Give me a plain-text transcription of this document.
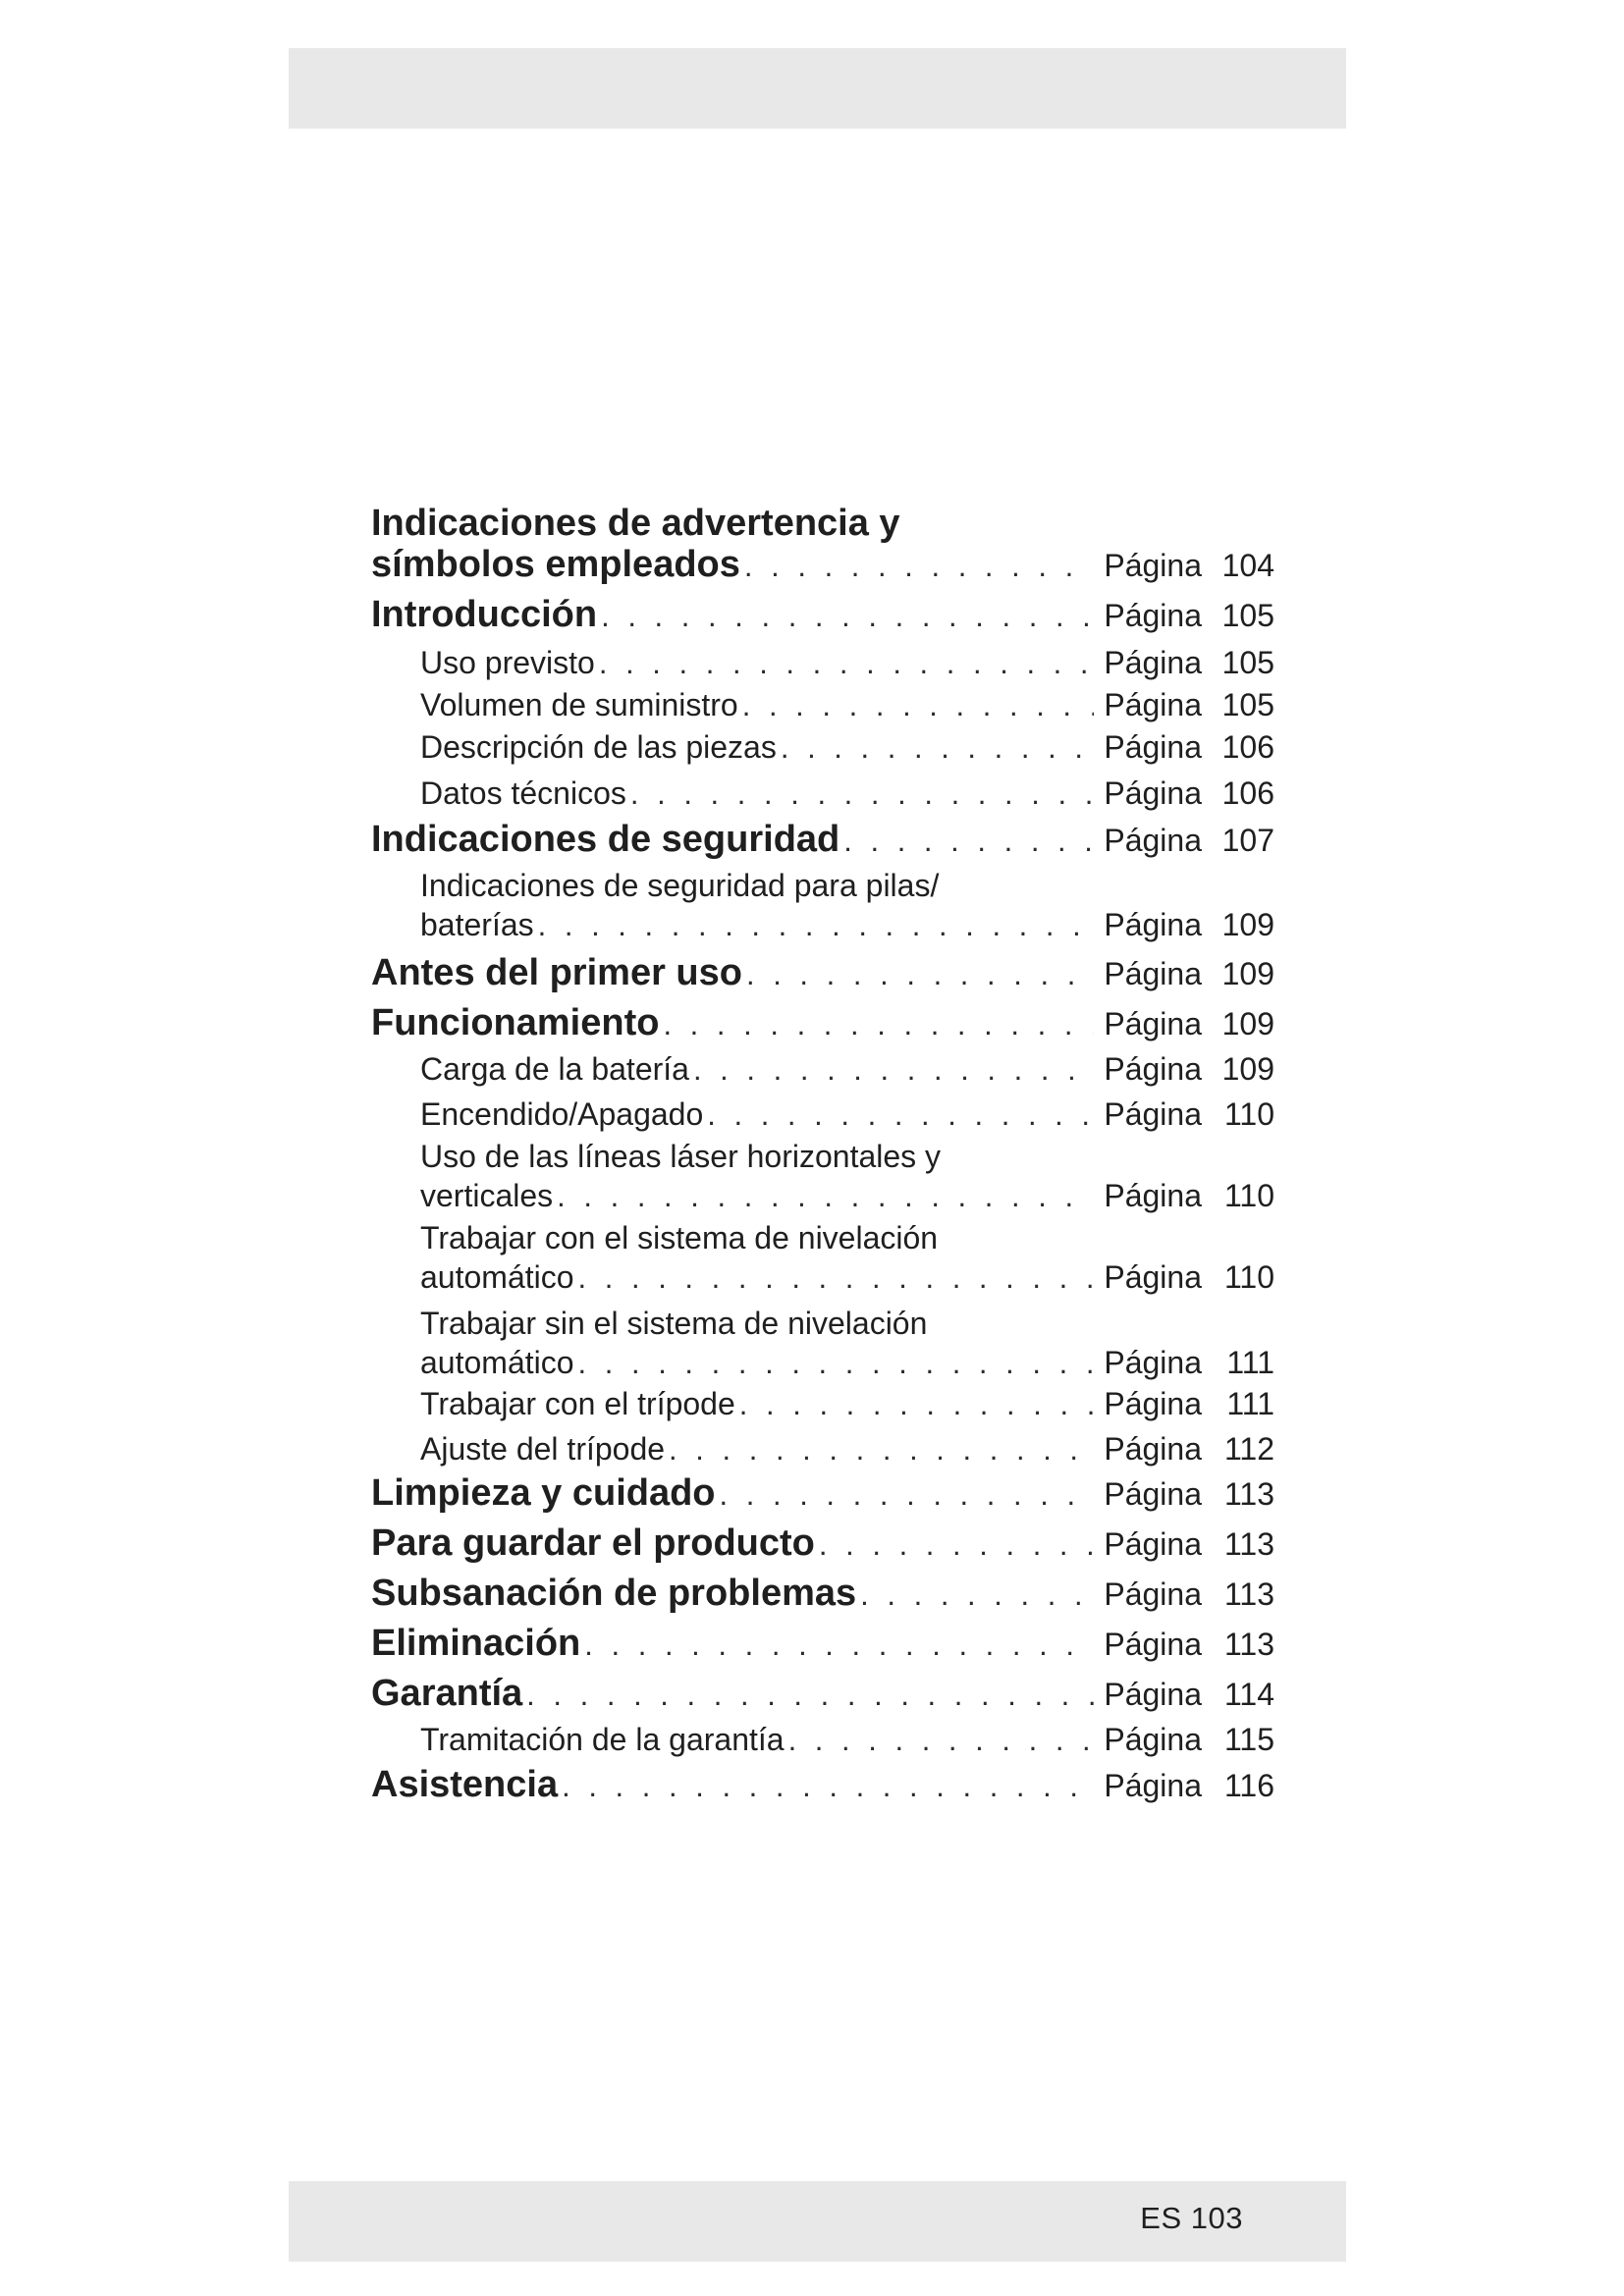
Indicaciones de advertencia y
símbolos empleados . . .	Página 104
Introducción . . .	Página 105
Uso previsto . . .	Página 105
Volumen de suministro . . .	Página 105
Descripción de las piezas . . .	Página 106
Datos técnicos . . .	Página 106
Indicaciones de seguridad . . .	Página 107
Indicaciones de seguridad para pilas/
baterías . . .	Página 109
Antes del primer uso . . .	Página 109
Funcionamiento . . .	Página 109
Carga de la batería . . .	Página 109
Encendido/Apagado . . .	Página 110
Uso de las líneas láser horizontales y
verticales . . .	Página 110
Trabajar con el sistema de nivelación
automático . . .	Página 110
Trabajar sin el sistema de nivelación
automático . . .	Página 111
Trabajar con el trípode . . .	Página 111
Ajuste del trípode . . .	Página 112
Limpieza y cuidado . . .	Página 113
Para guardar el producto . . .	Página 113
Subsanación de problemas . . .	Página 113
Eliminación . . .	Página 113
Garantía . . .	Página 114
Tramitación de la garantía . . .	Página 115
Asistencia . . .	Página 116
ES 103
